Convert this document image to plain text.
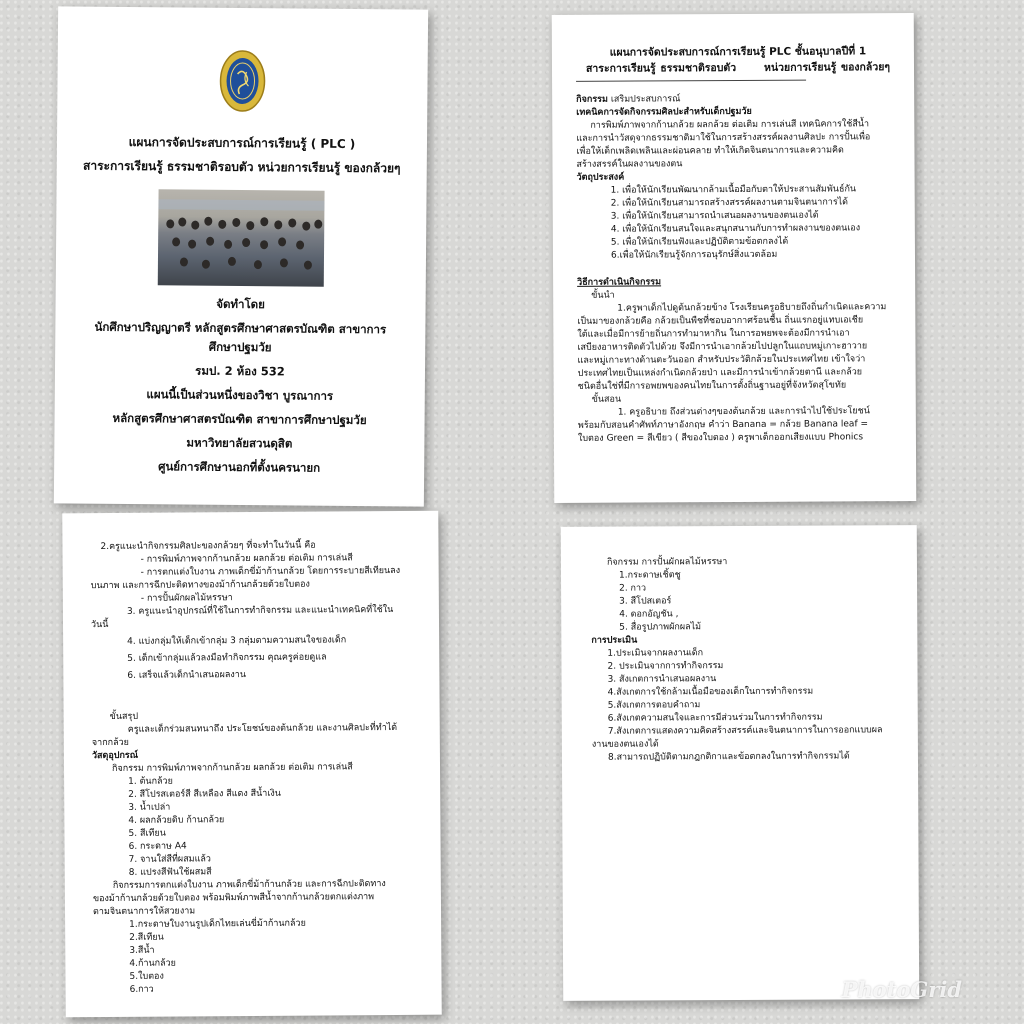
แผนการจัดประสบการณ์การเรียนรู้ ( PLC )
สาระการเรียนรู้ ธรรมชาติรอบตัว หน่วยการเรียนรู้ ของกล้วยๆ
จัดทำโดย
นักศึกษาปริญญาตรี หลักสูตรศึกษาศาสตรบัณฑิต สาขาการ
ศึกษาปฐมวัย
รมป. 2 ห้อง 532
แผนนี้เป็นส่วนหนึ่งของวิชา บูรณาการ
หลักสูตรศึกษาศาสตรบัณฑิต สาขาการศึกษาปฐมวัย
มหาวิทยาลัยสวนดุสิต
ศูนย์การศึกษานอกที่ตั้งนครนายก
แผนการจัดประสบการณ์การเรียนรู้ PLC ชั้นอนุบาลปีที่ 1
สาระการเรียนรู้ ธรรมชาติรอบตัว      หน่วยการเรียนรู้ ของกล้วยๆ
กิจกรรม เสริมประสบการณ์
เทคนิคการจัดกิจกรรมศิลปะสำหรับเด็กปฐมวัย
การพิมพ์ภาพจากก้านกล้วย ผลกล้วย ต่อเติม การเล่นสี เทคนิคการใช้สีน้ำ
และการนำวัสดุจากธรรมชาติมาใช้ในการสร้างสรรค์ผลงานศิลปะ การปั้นเพื่อ
เพื่อให้เด็กเพลิดเพลินและผ่อนคลาย ทำให้เกิดจินตนาการและความคิด
สร้างสรรค์ในผลงานของตน
วัตถุประสงค์
1. เพื่อให้นักเรียนพัฒนากล้ามเนื้อมือกับตาให้ประสานสัมพันธ์กัน
2. เพื่อให้นักเรียนสามารถสร้างสรรค์ผลงานตามจินตนาการได้
3. เพื่อให้นักเรียนสามารถนำเสนอผลงานของตนเองได้
4. เพื่อให้นักเรียนสนใจและสนุกสนานกับการทำผลงานของตนเอง
5. เพื่อให้นักเรียนฟังและปฏิบัติตามข้อตกลงได้
6.เพื่อให้นักเรียนรู้จักการอนุรักษ์สิ่งแวดล้อม
วิธีการดำเนินกิจกรรม
ขั้นนำ
1.ครูพาเด็กไปดูต้นกล้วยข้าง โรงเรียนครูอธิบายถึงถิ่นกำเนิดและความ
เป็นมาของกล้วยคือ กล้วยเป็นพืชที่ชอบอากาศร้อนชื้น ถิ่นแรกอยู่แทบเอเชีย
ใต้และเมื่อมีการย้ายถิ่นการทำมาหากิน ในการอพยพจะต้องมีการนำเอา
เสบียงอาหารติดตัวไปด้วย จึงมีการนำเอากล้วยไปปลูกในแถบหมู่เกาะฮาวาย
และหมู่เกาะทางด้านตะวันออก สำหรับประวัติกล้วยในประเทศไทย เข้าใจว่า
ประเทศไทยเป็นแหล่งกำเนิดกล้วยป่า และมีการนำเข้ากล้วยตานี และกล้วย
ชนิดอื่นใช่ที่มีการอพยพของคนไทยในการตั้งถิ่นฐานอยู่ที่จังหวัดสุโขทัย
ขั้นสอน
1. ครูอธิบาย ถึงส่วนต่างๆของต้นกล้วย และการนำไปใช้ประโยชน์
พร้อมกับสอนคำศัพท์ภาษาอังกฤษ คำว่า Banana = กล้วย Banana leaf =
ใบตอง Green = สีเขียว ( สีของใบตอง ) ครูพาเด็กออกเสียงแบบ Phonics
2.ครูแนะนำกิจกรรมศิลปะของกล้วยๆ ที่จะทำในวันนี้ คือ
- การพิมพ์ภาพจากก้านกล้วย ผลกล้วย ต่อเติม การเล่นสี
- การตกแต่งใบงาน ภาพเด็กขี่ม้าก้านกล้วย โดยการระบายสีเทียนลง
บนภาพ และการฉีกปะติดทางของม้าก้านกล้วยด้วยใบตอง
- การปั้นผักผลไม้หรรษา
3. ครูแนะนำอุปกรณ์ที่ใช้ในการทำกิจกรรม และแนะนำเทคนิคที่ใช้ใน
วันนี้
4. แบ่งกลุ่มให้เด็กเข้ากลุ่ม 3 กลุ่มตามความสนใจของเด็ก
5. เด็กเข้ากลุ่มแล้วลงมือทำกิจกรรม คุณครูค่อยดูแล
6. เสร็จแล้วเด็กนำเสนอผลงาน
ขั้นสรุป
ครูและเด็กร่วมสนทนาถึง ประโยชน์ของต้นกล้วย และงานศิลปะที่ทำได้
จากกล้วย
วัสดุอุปกรณ์
กิจกรรม การพิมพ์ภาพจากก้านกล้วย ผลกล้วย ต่อเติม การเล่นสี
1. ต้นกล้วย
2. สีโปรสเตอร์สี สีเหลือง สีแดง สีน้ำเงิน
3. น้ำเปล่า
4. ผลกล้วยดิบ ก้านกล้วย
5. สีเทียน
6. กระดาษ A4
7. จานใส่สีที่ผสมแล้ว
8. แปรงสีฟันใช้ผสมสี
กิจกรรมการตกแต่งใบงาน ภาพเด็กขี่ม้าก้านกล้วย และการฉีกปะติดทาง
ของม้าก้านกล้วยด้วยใบตอง พร้อมพิมพ์ภาพสีน้ำจากก้านกล้วยตกแต่งภาพ
ตามจินตนาการให้สวยงาม
1.กระดาษใบงานรูปเด็กไทยเล่นขี่ม้าก้านกล้วย
2.สีเทียน
3.สีน้ำ
4.ก้านกล้วย
5.ใบตอง
6.กาว
กิจกรรม การปั้นผักผลไม้หรรษา
1.กระดาษเชิ้ตชู
2. กาว
3. สีโปสเตอร์
4. ดอกอัญชัน ,
5. สื่อรูปภาพผักผลไม้
การประเมิน
1.ประเมินจากผลงานเด็ก
2. ประเมินจากการทำกิจกรรม
3. สังเกตการนำเสนอผลงาน
4.สังเกตการใช้กล้ามเนื้อมือของเด็กในการทำกิจกรรม
5.สังเกตการตอบคำถาม
6.สังเกตความสนใจและการมีส่วนร่วมในการทำกิจกรรม
7.สังเกตการแสดงความคิดสร้างสรรค์และจินตนาการในการออกแบบผล
งานของตนเองได้
8.สามารถปฏิบัติตามกฎกติกาและข้อตกลงในการทำกิจกรรมได้
PhotoGrid
